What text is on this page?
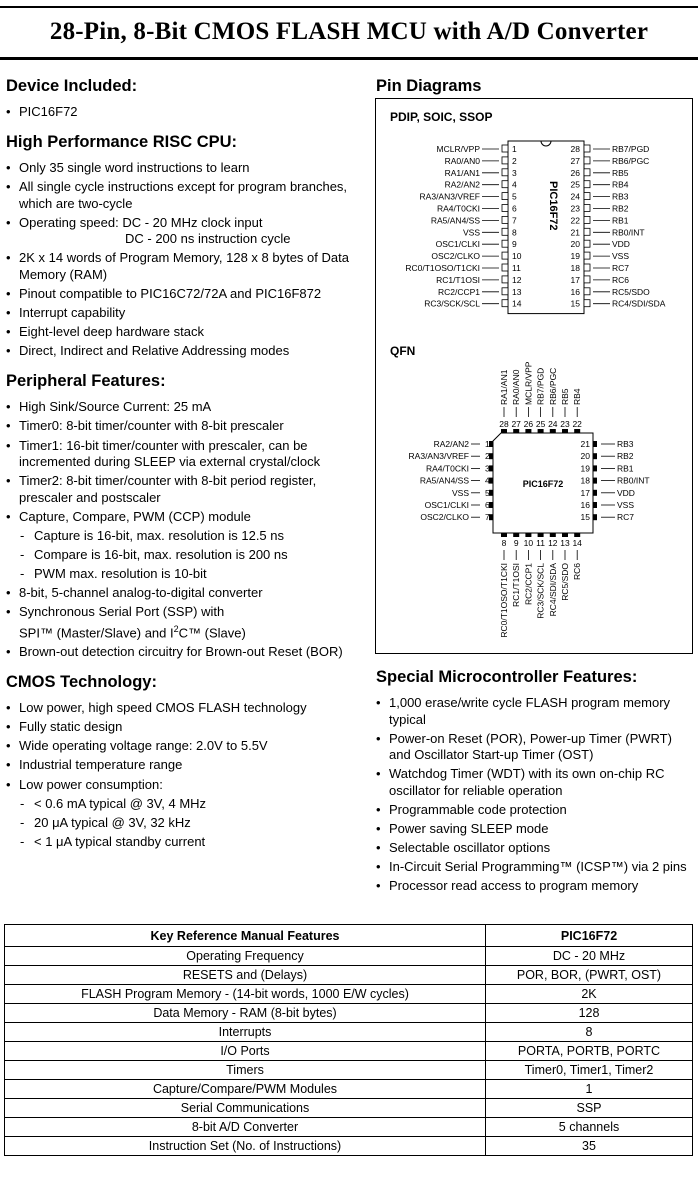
28-Pin, 8-Bit CMOS FLASH MCU with A/D Converter
Device Included:
• PIC16F72
High Performance RISC CPU:
• Only 35 single word instructions to learn
• All single cycle instructions except for program branches, which are two-cycle
• Operating speed: DC - 20 MHz clock input
DC - 200 ns instruction cycle
• 2K x 14 words of Program Memory, 128 x 8 bytes of Data Memory (RAM)
• Pinout compatible to PIC16C72/72A and PIC16F872
• Interrupt capability
• Eight-level deep hardware stack
• Direct, Indirect and Relative Addressing modes
Peripheral Features:
• High Sink/Source Current: 25 mA
• Timer0: 8-bit timer/counter with 8-bit prescaler
• Timer1: 16-bit timer/counter with prescaler, can be incremented during SLEEP via external crystal/clock
• Timer2: 8-bit timer/counter with 8-bit period register, prescaler and postscaler
• Capture, Compare, PWM (CCP) module
- Capture is 16-bit, max. resolution is 12.5 ns
- Compare is 16-bit, max. resolution is 200 ns
- PWM max. resolution is 10-bit
• 8-bit, 5-channel analog-to-digital converter
• Synchronous Serial Port (SSP) with
SPI™ (Master/Slave) and $I^2C™$ (Slave)
• Brown-out detection circuitry for Brown-out Reset (BOR)
CMOS Technology:
• Low power, high speed CMOS FLASH technology
• Fully static design
• Wide operating voltage range: 2.0V to 5.5V
• Industrial temperature range
• Low power consumption:
- < 0.6 mA typical @ 3V, 4 MHz
- 20 μA typical @ 3V, 32 kHz
- < 1 μA typical standby current
Pin Diagrams
PDIP, SOIC, SSOP
QFN
PIC16F72
1
MCLR/VPP	28	RB7/PGD
2
RA0/AN0	27	RB6/PGC
3
RA1/AN1	26	RB5
4
RA2/AN2	25	RB4
5
RA3/AN3/VREF	24	RB3
6
RA4/T0CKI	23	RB2
7
RA5/AN4/SS	22	RB1
8
VSS	21	RB0/INT
9
OSC1/CLKI	20	VDD
10
OSC2/CLKO	19	VSS
11
RC0/T1OSO/T1CKI	18	RC7
12
RC1/T1OSI	17	RC6
13
RC2/CCP1	16	RC5/SDO
14
RC3/SCK/SCL	15	RC4/SDI/SDA
PIC16F72
1
RA2/AN2	21	RB3
28
RA1/AN1
8
RC0/T1OSO/T1CKI
2
RA3/AN3/VREF	20	RB2
27
RA0/AN0
9
RC1/T1OSI
3
RA4/T0CKI	19	RB1
26
MCLR/VPP
10
RC2/CCP1
4
RA5/AN4/SS	18	RB0/INT
25
RB7/PGD
11
RC3/SCK/SCL
5
VSS	17	VDD
24
RB6/PGC
12
RC4/SDI/SDA
6
OSC1/CLKI	16	VSS
23
RB5
13
RC5/SDO
7
OSC2/CLKO	15	RC7
22
RB4
14
RC6
Special Microcontroller Features:
• 1,000 erase/write cycle FLASH program memory typical
• Power-on Reset (POR), Power-up Timer (PWRT) and Oscillator Start-up Timer (OST)
• Watchdog Timer (WDT) with its own on-chip RC oscillator for reliable operation
• Programmable code protection
• Power saving SLEEP mode
• Selectable oscillator options
• In-Circuit Serial Programming™ (ICSP™) via 2 pins
• Processor read access to program memory
Key Reference Manual Features	PIC16F72
Operating Frequency	DC - 20 MHz
RESETS and (Delays)	POR, BOR, (PWRT, OST)
FLASH Program Memory - (14-bit words, 1000 E/W cycles)	2K
Data Memory - RAM (8-bit bytes)	128
Interrupts	8
I/O Ports	PORTA, PORTB, PORTC
Timers	Timer0, Timer1, Timer2
Capture/Compare/PWM Modules	1
Serial Communications	SSP
8-bit A/D Converter	5 channels
Instruction Set (No. of Instructions)	35
